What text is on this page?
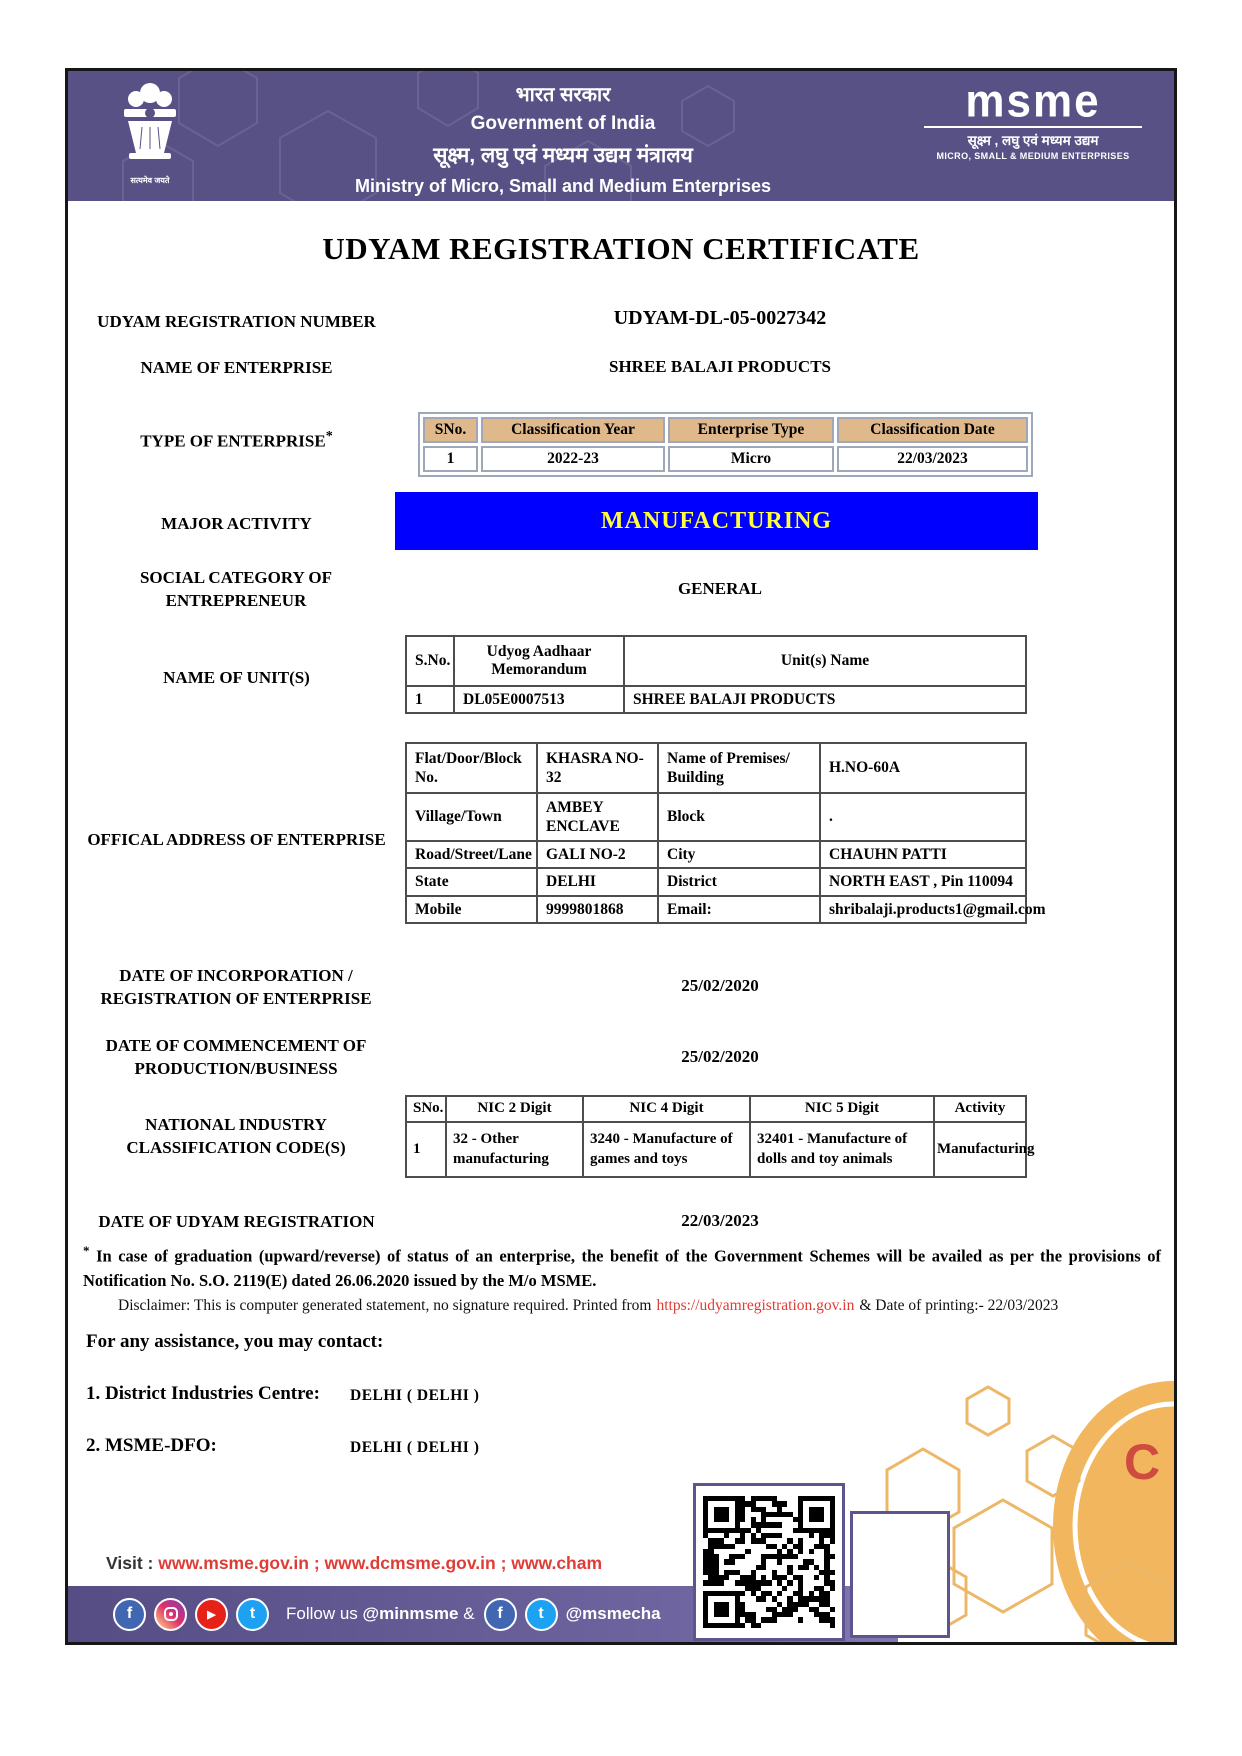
सत्यमेव जयते
भारत सरकार
Government of India
सूक्ष्म, लघु एवं मध्यम उद्यम मंत्रालय
Ministry of Micro, Small and Medium Enterprises
msme
सूक्ष्म , लघु एवं मध्यम उद्यम
MICRO, SMALL & MEDIUM ENTERPRISES
UDYAM REGISTRATION CERTIFICATE
UDYAM REGISTRATION NUMBER	UDYAM-DL-05-0027342
NAME OF ENTERPRISE	SHREE BALAJI PRODUCTS
TYPE OF ENTERPRISE*	SNo.	Classification Year	Enterprise Type	Classification Date
1	2022-23	Micro	22/03/2023
MAJOR ACTIVITY	MANUFACTURING
SOCIAL CATEGORY OF ENTREPRENEUR
GENERAL
NAME OF UNIT(S)
S.No.	Udyog Aadhaar Memorandum	Unit(s) Name
1	DL05E0007513	SHREE BALAJI PRODUCTS
OFFICAL ADDRESS OF ENTERPRISE
Flat/Door/Block No.	KHASRA NO-32	Name of Premises/ Building	H.NO-60A
Village/Town	AMBEY ENCLAVE	Block	.
Road/Street/Lane	GALI NO-2	City	CHAUHN PATTI
State	DELHI	District	NORTH EAST , Pin 110094
Mobile	9999801868	Email:	shribalaji.products1@gmail.com
DATE OF INCORPORATION / REGISTRATION OF ENTERPRISE
25/02/2020
DATE OF COMMENCEMENT OF PRODUCTION/BUSINESS
25/02/2020
NATIONAL INDUSTRY CLASSIFICATION CODE(S)
SNo.	NIC 2 Digit	NIC 4 Digit	NIC 5 Digit	Activity
1	32 - Other manufacturing	3240 - Manufacture of games and toys	32401 - Manufacture of dolls and toy animals	Manufacturing
DATE OF UDYAM REGISTRATION	22/03/2023
* In case of graduation (upward/reverse) of status of an enterprise, the benefit of the Government Schemes will be availed as per the provisions of Notification No. S.O. 2119(E) dated 26.06.2020 issued by the M/o MSME.
Disclaimer: This is computer generated statement, no signature required. Printed from https://udyamregistration.gov.in & Date of printing:- 22/03/2023
For any assistance, you may contact:
1. District Industries Centre: DELHI ( DELHI )
2. MSME-DFO:	DELHI ( DELHI )
Visit : www.msme.gov.in ; www.dcmsme.gov.in ; www.cham
f	▶	t	Follow us
@minmsme
&	f	t	@msmecha
C
